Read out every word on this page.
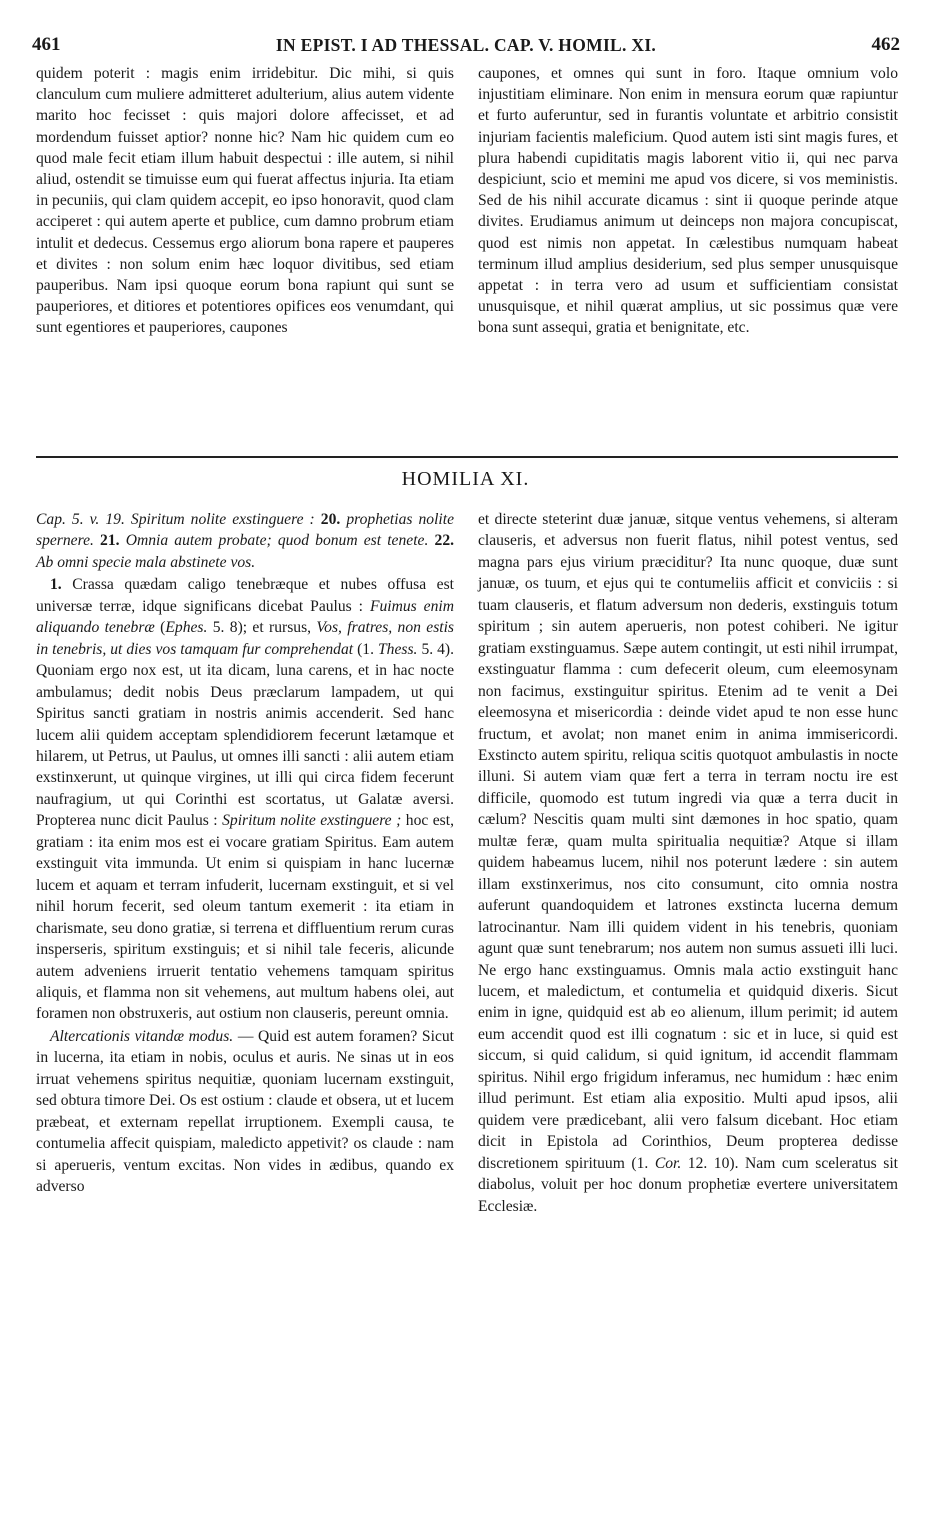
461	IN EPIST. I AD THESSAL. CAP. V. HOMIL. XI.	462

quidem poterit : magis enim irridebitur. Dic mihi, si quis clanculum cum muliere admitteret adulterium, alius autem vidente marito hoc fecisset : quis majori dolore affecisset, et ad mordendum fuisset aptior? nonne hic? Nam hic quidem cum eo quod male fecit etiam illum habuit despectui : ille autem, si nihil aliud, ostendit se timuisse eum qui fuerat affectus injuria. Ita etiam in pecuniis, qui clam quidem accepit, eo ipso honoravit, quod clam acciperet : qui autem aperte et publice, cum damno probrum etiam intulit et dedecus. Cessemus ergo aliorum bona rapere et pauperes et divites : non solum enim hæc loquor divitibus, sed etiam pauperibus. Nam ipsi quoque eorum bona rapiunt qui sunt se pauperiores, et ditiores et potentiores opifices eos venumdant, qui sunt egentiores et pauperiores, caupones

caupones, et omnes qui sunt in foro. Itaque omnium volo injustitiam eliminare. Non enim in mensura eorum quæ rapiuntur et furto auferuntur, sed in furantis voluntate et arbitrio consistit injuriam facientis maleficium. Quod autem isti sint magis fures, et plura habendi cupiditatis magis laborent vitio ii, qui nec parva despiciunt, scio et memini me apud vos dicere, si vos meministis. Sed de his nihil accurate dicamus : sint ii quoque perinde atque divites. Erudiamus animum ut deinceps non majora concupiscat, quod est nimis non appetat. In cælestibus numquam habeat terminum illud amplius desiderium, sed plus semper unusquisque appetat : in terra vero ad usum et sufficientiam consistat unusquisque, et nihil quærat amplius, ut sic possimus quæ vere bona sunt assequi, gratia et benignitate, etc.

HOMILIA XI.

Cap. 5. v. 19. Spiritum nolite exstinguere : 20. prophetias nolite spernere. 21. Omnia autem probate; quod bonum est tenete. 22. Ab omni specie mala abstinete vos.

1. Crassa quædam caligo tenebræque et nubes offusa est universæ terræ, idque significans dicebat Paulus : Fuimus enim aliquando tenebræ (Ephes. 5. 8); et rursus, Vos, fratres, non estis in tenebris, ut dies vos tamquam fur comprehendat (1. Thess. 5. 4). Quoniam ergo nox est, ut ita dicam, luna carens, et in hac nocte ambulamus; dedit nobis Deus præclarum lampadem, ut qui Spiritus sancti gratiam in nostris animis accenderit. Sed hanc lucem alii quidem acceptam splendidiorem fecerunt lætamque et hilarem, ut Petrus, ut Paulus, ut omnes illi sancti : alii autem etiam exstinxerunt, ut quinque virgines, ut illi qui circa fidem fecerunt naufragium, ut qui Corinthi est scortatus, ut Galatæ aversi. Propterea nunc dicit Paulus : Spiritum nolite exstinguere ; hoc est, gratiam : ita enim mos est ei vocare gratiam Spiritus. Eam autem exstinguit vita immunda. Ut enim si quispiam in hanc lucernæ lucem et aquam et terram infuderit, lucernam exstinguit, et si vel nihil horum fecerit, sed oleum tantum exemerit : ita etiam in charismate, seu dono gratiæ, si terrena et diffluentium rerum curas insperseris, spiritum exstinguis; et si nihil tale feceris, alicunde autem adveniens irruerit tentatio vehemens tamquam spiritus aliquis, et flamma non sit vehemens, aut multum habens olei, aut foramen non obstruxeris, aut ostium non clauseris, pereunt omnia.

Altercationis vitandæ modus. — Quid est autem foramen? Sicut in lucerna, ita etiam in nobis, oculus et auris. Ne sinas ut in eos irruat vehemens spiritus nequitiæ, quoniam lucernam exstinguit, sed obtura timore Dei. Os est ostium : claude et obsera, ut et lucem præbeat, et externam repellat irruptionem. Exempli causa, te contumelia affecit quispiam, maledicto appetivit? os claude : nam si aperueris, ventum excitas. Non vides in ædibus, quando ex adverso

et directe steterint duæ januæ, sitque ventus vehemens, si alteram clauseris, et adversus non fuerit flatus, nihil potest ventus, sed magna pars ejus virium præciditur? Ita nunc quoque, duæ sunt januæ, os tuum, et ejus qui te contumeliis afficit et conviciis : si tuam clauseris, et flatum adversum non dederis, exstinguis totum spiritum ; sin autem aperueris, non potest cohiberi. Ne igitur gratiam exstinguamus. Sæpe autem contingit, ut esti nihil irrumpat, exstinguatur flamma : cum defecerit oleum, cum eleemosynam non facimus, exstinguitur spiritus. Etenim ad te venit a Dei eleemosyna et misericordia : deinde videt apud te non esse hunc fructum, et avolat; non manet enim in anima immisericordi. Exstincto autem spiritu, reliqua scitis quotquot ambulastis in nocte illuni. Si autem viam quæ fert a terra in terram noctu ire est difficile, quomodo est tutum ingredi via quæ a terra ducit in cælum? Nescitis quam multi sint dæmones in hoc spatio, quam multæ feræ, quam multa spiritualia nequitiæ? Atque si illam quidem habeamus lucem, nihil nos poterunt lædere : sin autem illam exstinxerimus, nos cito consumunt, cito omnia nostra auferunt quandoquidem et latrones exstincta lucerna demum latrocinantur. Nam illi quidem vident in his tenebris, quoniam agunt quæ sunt tenebrarum; nos autem non sumus assueti illi luci. Ne ergo hanc exstinguamus. Omnis mala actio exstinguit hanc lucem, et maledictum, et contumelia et quidquid dixeris. Sicut enim in igne, quidquid est ab eo alienum, illum perimit; id autem eum accendit quod est illi cognatum : sic et in luce, si quid est siccum, si quid calidum, si quid ignitum, id accendit flammam spiritus. Nihil ergo frigidum inferamus, nec humidum : hæc enim illud perimunt. Est etiam alia expositio. Multi apud ipsos, alii quidem vere prædicebant, alii vero falsum dicebant. Hoc etiam dicit in Epistola ad Corinthios, Deum propterea dedisse discretionem spirituum (1. Cor. 12. 10). Nam cum sceleratus sit diabolus, voluit per hoc donum prophetiæ evertere universitatem Ecclesiæ.
